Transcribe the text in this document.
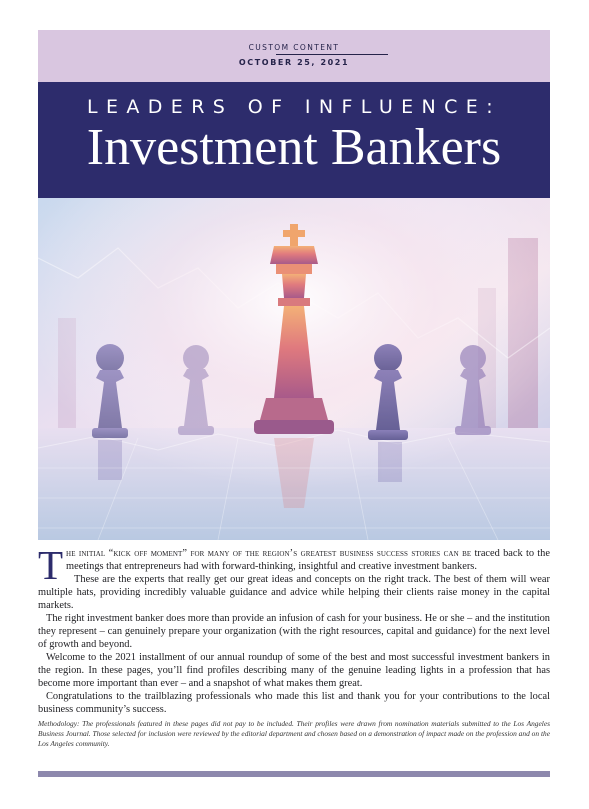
CUSTOM CONTENT
OCTOBER 25, 2021
LEADERS OF INFLUENCE:
Investment Bankers

The initial “kick off moment” for many of the region’s greatest business success stories can be traced back to the meetings that entrepreneurs had with forward-thinking, insightful and creative investment bankers.

These are the experts that really get our great ideas and concepts on the right track. The best of them will wear multiple hats, providing incredibly valuable guidance and advice while helping their clients raise money in the capital markets.

The right investment banker does more than provide an infusion of cash for your business. He or she – and the institution they represent – can genuinely prepare your organization (with the right resources, capital and guidance) for the next level of growth and beyond.

Welcome to the 2021 installment of our annual roundup of some of the best and most successful investment bankers in the region. In these pages, you’ll find profiles describing many of the genuine leading lights in a profession that has become more important than ever – and a snapshot of what makes them great.

Congratulations to the trailblazing professionals who made this list and thank you for your contributions to the local business community’s success.

Methodology: The professionals featured in these pages did not pay to be included. Their profiles were drawn from nomination materials submitted to the Los Angeles Business Journal. Those selected for inclusion were reviewed by the editorial department and chosen based on a demonstration of impact made on the profession and on the Los Angeles community.
